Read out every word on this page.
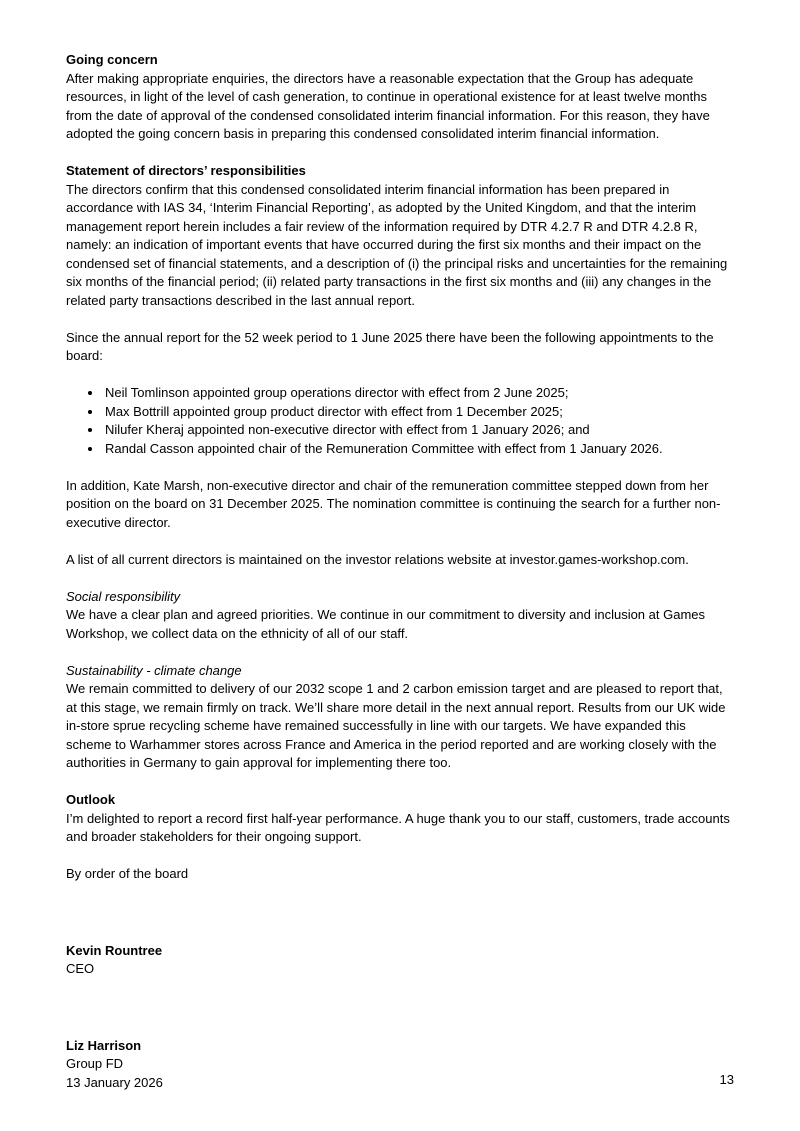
Going concern
After making appropriate enquiries, the directors have a reasonable expectation that the Group has adequate resources, in light of the level of cash generation, to continue in operational existence for at least twelve months from the date of approval of the condensed consolidated interim financial information. For this reason, they have adopted the going concern basis in preparing this condensed consolidated interim financial information.
Statement of directors’ responsibilities
The directors confirm that this condensed consolidated interim financial information has been prepared in accordance with IAS 34, ‘Interim Financial Reporting’, as adopted by the United Kingdom, and that the interim management report herein includes a fair review of the information required by DTR 4.2.7 R and DTR 4.2.8 R, namely: an indication of important events that have occurred during the first six months and their impact on the condensed set of financial statements, and a description of (i) the principal risks and uncertainties for the remaining six months of the financial period; (ii) related party transactions in the first six months and (iii) any changes in the related party transactions described in the last annual report.
Since the annual report for the 52 week period to 1 June 2025 there have been the following appointments to the board:
• Neil Tomlinson appointed group operations director with effect from 2 June 2025;
• Max Bottrill appointed group product director with effect from 1 December 2025;
• Nilufer Kheraj appointed non-executive director with effect from 1 January 2026; and
• Randal Casson appointed chair of the Remuneration Committee with effect from 1 January 2026.
In addition, Kate Marsh, non-executive director and chair of the remuneration committee stepped down from her position on the board on 31 December 2025. The nomination committee is continuing the search for a further non-executive director.
A list of all current directors is maintained on the investor relations website at investor.games-workshop.com.
Social responsibility
We have a clear plan and agreed priorities. We continue in our commitment to diversity and inclusion at Games Workshop, we collect data on the ethnicity of all of our staff.
Sustainability - climate change
We remain committed to delivery of our 2032 scope 1 and 2 carbon emission target and are pleased to report that, at this stage, we remain firmly on track. We’ll share more detail in the next annual report. Results from our UK wide in-store sprue recycling scheme have remained successfully in line with our targets. We have expanded this scheme to Warhammer stores across France and America in the period reported and are working closely with the authorities in Germany to gain approval for implementing there too.
Outlook
I’m delighted to report a record first half-year performance. A huge thank you to our staff, customers, trade accounts and broader stakeholders for their ongoing support.
By order of the board
Kevin Rountree
CEO
Liz Harrison
Group FD
13 January 2026	13
